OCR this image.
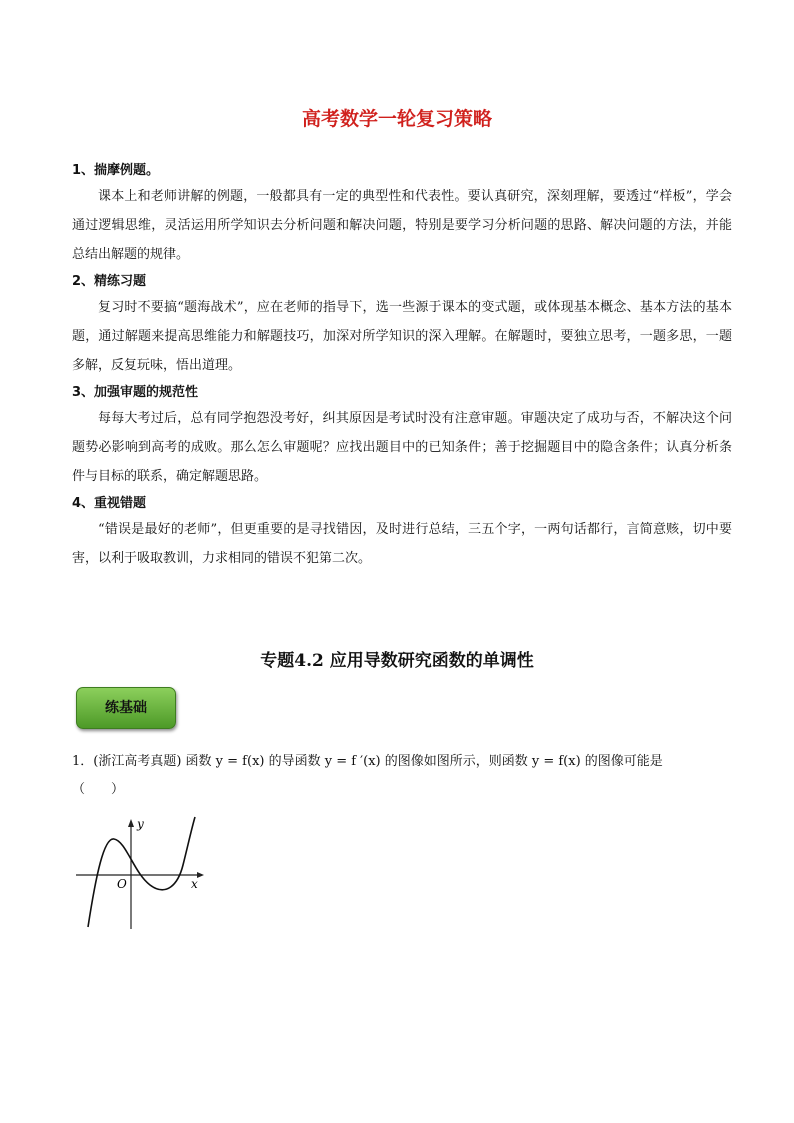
高考数学一轮复习策略
1、揣摩例题。
课本上和老师讲解的例题，一般都具有一定的典型性和代表性。要认真研究，深刻理解，要透过“样板”，学会通过逻辑思维，灵活运用所学知识去分析问题和解决问题，特别是要学习分析问题的思路、解决问题的方法，并能总结出解题的规律。
2、精练习题
复习时不要搞“题海战术”，应在老师的指导下，选一些源于课本的变式题，或体现基本概念、基本方法的基本题，通过解题来提高思维能力和解题技巧，加深对所学知识的深入理解。在解题时，要独立思考，一题多思，一题多解，反复玩味，悟出道理。
3、加强审题的规范性
每每大考过后，总有同学抱怨没考好，纠其原因是考试时没有注意审题。审题决定了成功与否，不解决这个问题势必影响到高考的成败。那么怎么审题呢？应找出题目中的已知条件；善于挖掘题目中的隐含条件；认真分析条件与目标的联系，确定解题思路。
4、重视错题
“错误是最好的老师”，但更重要的是寻找错因，及时进行总结，三五个字，一两句话都行，言简意赅，切中要害，以利于吸取教训，力求相同的错误不犯第二次。
专题4.2 应用导数研究函数的单调性
练基础
1．(浙江高考真题) 函数 y = f(x) 的导函数 y = f ′(x) 的图像如图所示，则函数 y = f(x) 的图像可能是
（　　）
y
x
O
